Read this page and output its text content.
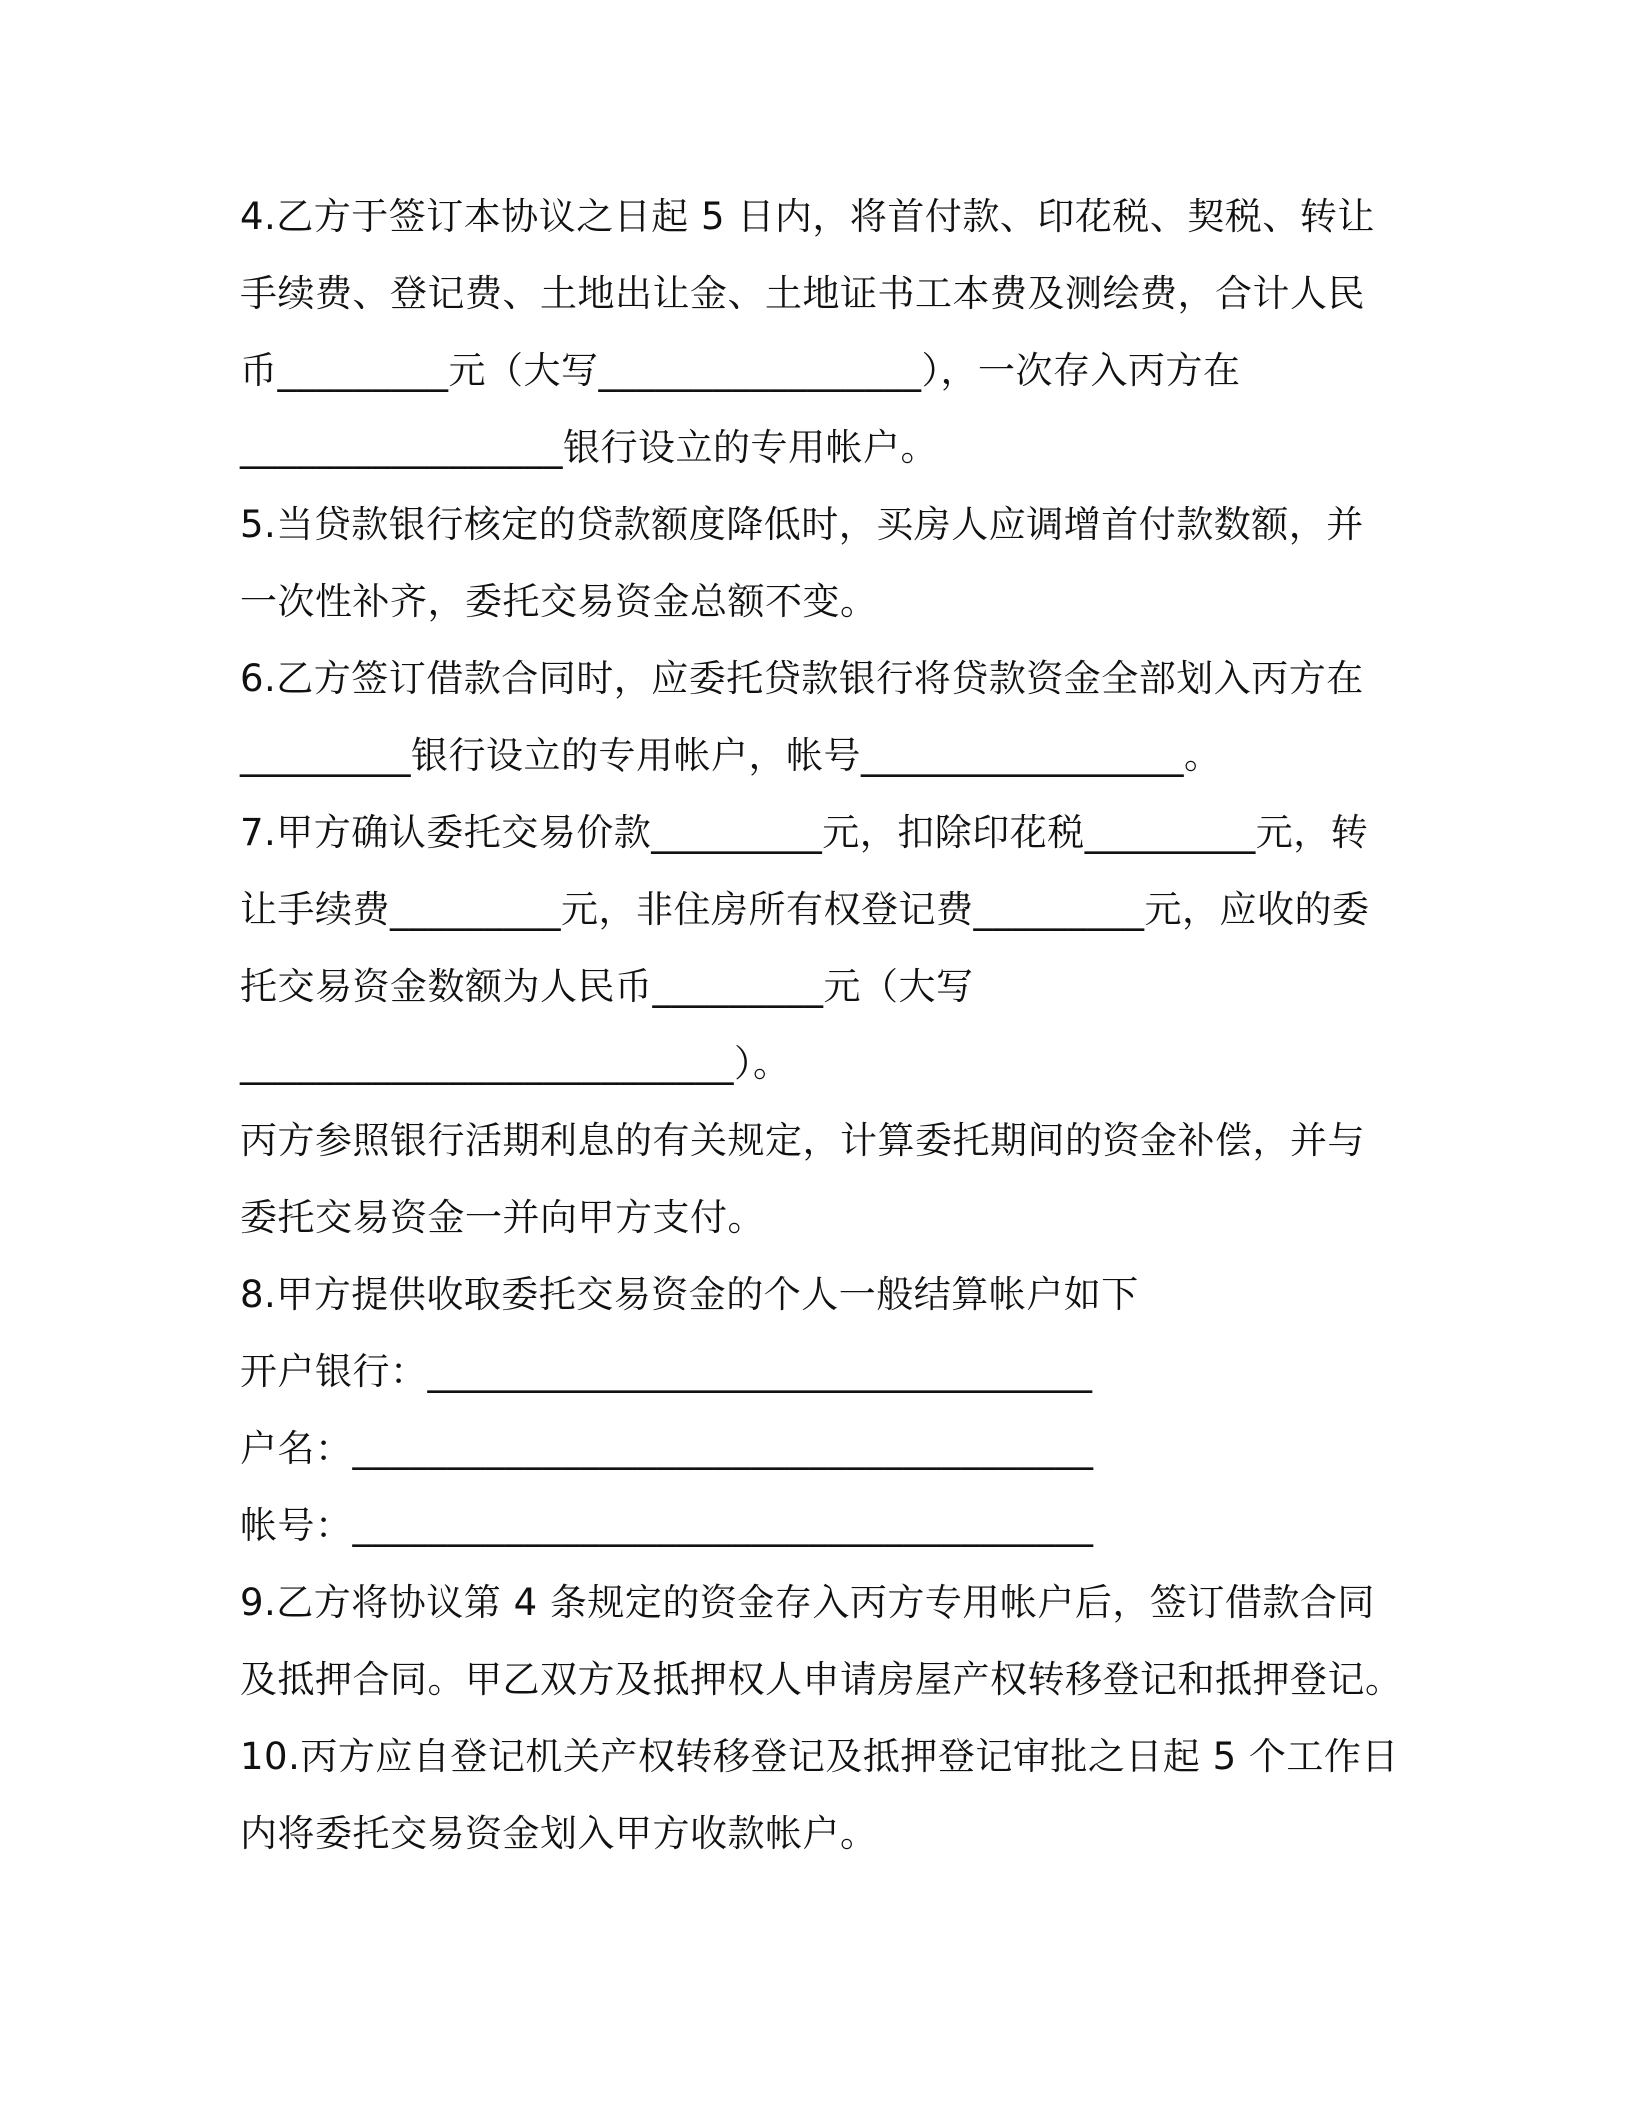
4.乙方于签订本协议之日起 5 日内，将首付款、印花税、契税、转让
手续费、登记费、土地出让金、土地证书工本费及测绘费，合计人民
币_________元（大写_________________），一次存入丙方在
_________________银行设立的专用帐户。
5.当贷款银行核定的贷款额度降低时，买房人应调增首付款数额，并
一次性补齐，委托交易资金总额不变。
6.乙方签订借款合同时，应委托贷款银行将贷款资金全部划入丙方在
_________银行设立的专用帐户，帐号_________________。
7.甲方确认委托交易价款_________元，扣除印花税_________元，转
让手续费_________元，非住房所有权登记费_________元，应收的委
托交易资金数额为人民币_________元（大写
__________________________）。
丙方参照银行活期利息的有关规定，计算委托期间的资金补偿，并与
委托交易资金一并向甲方支付。
8.甲方提供收取委托交易资金的个人一般结算帐户如下
开户银行：___________________________________
户名：_______________________________________
帐号：_______________________________________
9.乙方将协议第 4 条规定的资金存入丙方专用帐户后，签订借款合同
及抵押合同。甲乙双方及抵押权人申请房屋产权转移登记和抵押登记。
10.丙方应自登记机关产权转移登记及抵押登记审批之日起 5 个工作日
内将委托交易资金划入甲方收款帐户。
